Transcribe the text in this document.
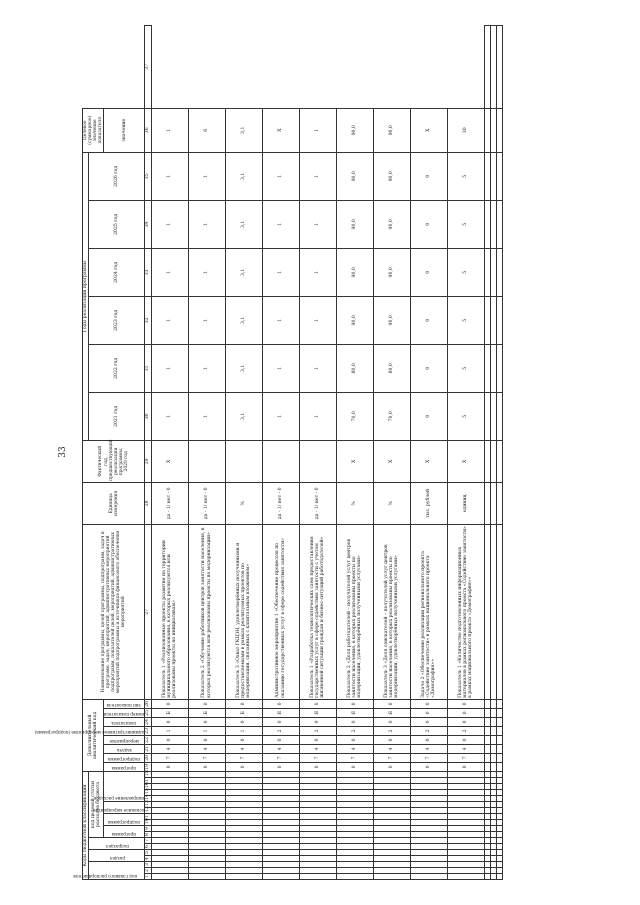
33
Коды бюджетной классификации																		Дополнительный аналитический код								Наименование программы, целей программы, подпрограмм, задач и программ, задач, мероприятий, административных мероприятий подпрограмм, показателей целей, мероприятий, административных мероприятий подпрограммы и источников финансового обеспечения мероприятий	Единица измерения	Фактический год, предшествующий реализации программы, 2020 год	Годы реализации программы						Целевое (суммарное) значение показателя	

код главного распорядителя			раздел		подраздел		код целевой статьи расходов бюджета																						2021 год	2022 год	2023 год	2024 год	2025 год	2026 год		

							программа		подпрограмма		основное мероприятие		направление расходов					программа	подпрограмма	задача	мероприятие	административное мероприятие (подпрограмма)	показатель	номер показателя	тип показателя										значение	
1	2	3	4	5	6	7	8	9	10	11	12	13	14	15	16	17	18	19	20	21	22	23	24	25	26	27	28	29	30	31	32	33	34	35	36	37
																		0	7	4	0	1	0	Б	0	Показатель 1 «Реализованные проекты развития на территории муниципального образования, в которых реализуются или реализованы проекты по инициативам»	да - 1/ нет - 0	X	1	1	1	1	1	1	1	
																		0	7	4	0	1	0	Б	0	Показатель 2 «Обучение работников центров занятости населения, в которых реализуются или реализованы проекты по модернизации»	да - 1/ нет - 0		1	1	1	1	1	1	6	
																		0	7	4	0	1	0	Б	0	Показатель 3 «Охват ГКЦЗН, удовлетворённых полученными и предоставляемыми в рамках реализуемых проектов по модернизации, связанных с капитальным вложением»	%		3,1	3,1	3,1	3,1	3,1	3,1	3,1	
																		0	7	4	0	2	0	Я	0	Административное мероприятие 1 «Обеспечение процессов по оказанию государственных услуг в сфере содействия занятости»	да - 1/ нет - 0		1	1	1	1	1	1	X	
																		0	7	4	0	2	0	Я	0	Показатель 1 «Разработка технологических схем предоставления государственных услуг в сфере содействия занятости с учетом жизненной ситуации граждан и бизнес-ситуаций работодателей»	да - 1/ нет - 0		1	1	1	1	1	1	1	
																		0	7	4	0	2	0	Я	0	Показатель 2 «Доля работодателей – получателей услуг центров занятости населения, в которых реализованы проекты по модернизации, удовлетворённых полученными услугами»	%	X	70,0	80,0	90,0	90,0	90,0	90,0	90,0	
																		0	7	4	0	2	0	Я	0	Показатель 3 «Доля соискателей – получателей услуг центров занятости населения, в которых реализованы проекты по модернизации, удовлетворённых полученными услугами»	%	X	70,0	80,0	90,0	90,0	90,0	90,0	90,0	
																		0	7	4	0	2	0	0	0	Задача 2 «Обеспечение реализации регионального проекта «Содействие занятости» в рамках национального проекта «Демография»»	тыс. рублей	X	0	0	0	0	0	0	X	
																		0	7	4	0	2	0	0	0	Показатель 1 «Количество подготовленных информационных материалов в рамках регионального проекта «Содействие занятости» в рамках национального проекта «Демография»»	единиц	X	5	5	5	5	5	5	30	
